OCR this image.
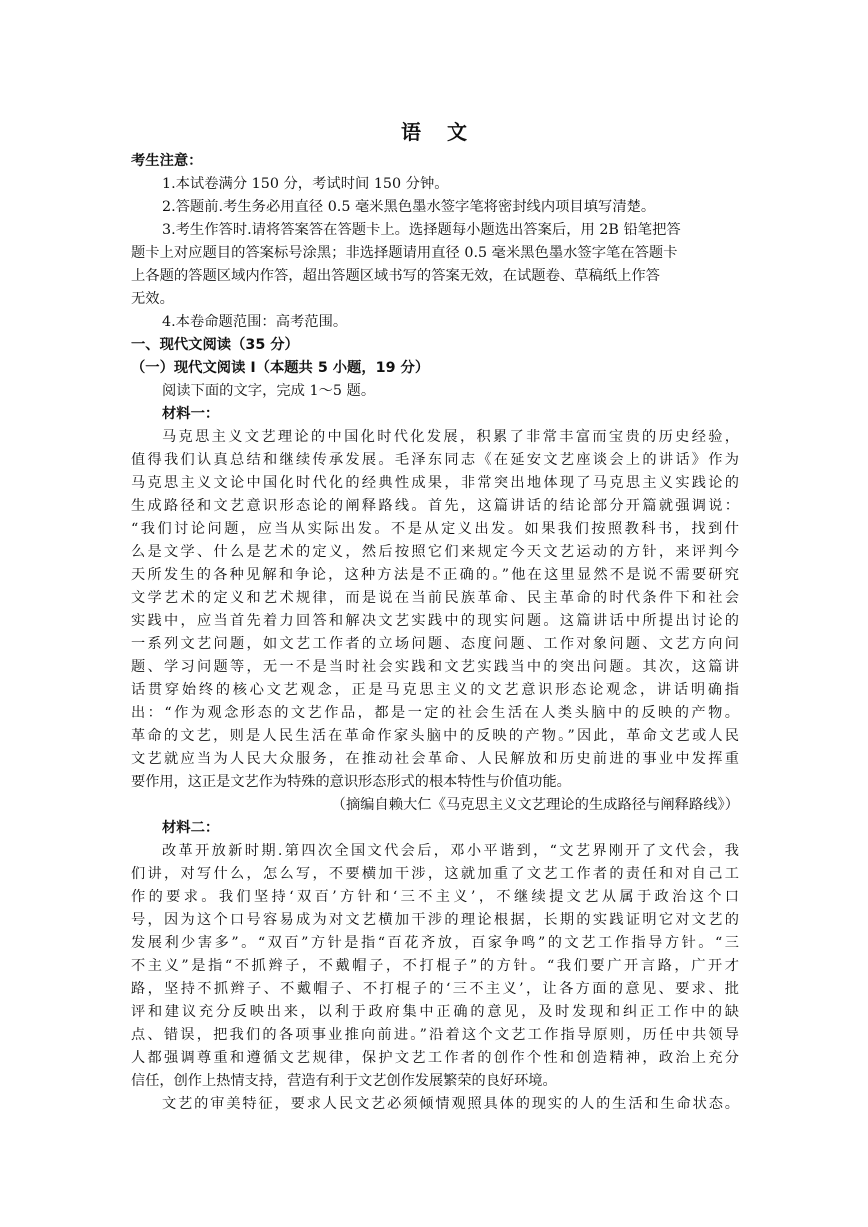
语文
考生注意：
1.本试卷满分 150 分，考试时间 150 分钟。
2.答题前.考生务必用直径 0.5 毫米黑色墨水签字笔将密封线内项目填写清楚。
3.考生作答时.请将答案答在答题卡上。选择题每小题选出答案后，用 2B 铅笔把答
题卡上对应题目的答案标号涂黑；非选择题请用直径 0.5 毫米黑色墨水签字笔在答题卡
上各题的答题区域内作答，超出答题区域书写的答案无效，在试题卷、草稿纸上作答
无效。
4.本卷命题范围：高考范围。
一、现代文阅读（35 分）
（一）现代文阅读 I（本题共 5 小题，19 分）
阅读下面的文字，完成 1～5 题。
材料一：
马克思主义文艺理论的中国化时代化发展，积累了非常丰富而宝贵的历史经验，
值得我们认真总结和继续传承发展。毛泽东同志《在延安文艺座谈会上的讲话》作为
马克思主义文论中国化时代化的经典性成果，非常突出地体现了马克思主义实践论的
生成路径和文艺意识形态论的阐释路线。首先，这篇讲话的结论部分开篇就强调说：
“我们讨论问题，应当从实际出发。不是从定义出发。如果我们按照教科书，找到什
么是文学、什么是艺术的定义，然后按照它们来规定今天文艺运动的方针，来评判今
天所发生的各种见解和争论，这种方法是不正确的。”他在这里显然不是说不需要研究
文学艺术的定义和艺术规律，而是说在当前民族革命、民主革命的时代条件下和社会
实践中，应当首先着力回答和解决文艺实践中的现实问题。这篇讲话中所提出讨论的
一系列文艺问题，如文艺工作者的立场问题、态度问题、工作对象问题、文艺方向问
题、学习问题等，无一不是当时社会实践和文艺实践当中的突出问题。其次，这篇讲
话贯穿始终的核心文艺观念，正是马克思主义的文艺意识形态论观念，讲话明确指
出：“作为观念形态的文艺作品，都是一定的社会生活在人类头脑中的反映的产物。
革命的文艺，则是人民生活在革命作家头脑中的反映的产物。”因此，革命文艺或人民
文艺就应当为人民大众服务，在推动社会革命、人民解放和历史前进的事业中发挥重
要作用，这正是文艺作为特殊的意识形态形式的根本特性与价值功能。
（摘编自赖大仁《马克思主义文艺理论的生成路径与阐释路线》）
材料二：
改革开放新时期.第四次全国文代会后，邓小平谐到，“文艺界刚开了文代会，我
们讲，对写什么，怎么写，不要横加干涉，这就加重了文艺工作者的责任和对自己工
作的要求。我们坚持‘双百’方针和‘三不主义’，不继续提文艺从属于政治这个口
号，因为这个口号容易成为对文艺横加干涉的理论根据，长期的实践证明它对文艺的
发展利少害多”。“双百”方针是指“百花齐放，百家争鸣”的文艺工作指导方针。“三
不主义”是指“不抓辫子，不戴帽子，不打棍子”的方针。“我们要广开言路，广开才
路，坚持不抓辫子、不戴帽子、不打棍子的‘三不主义’，让各方面的意见、要求、批
评和建议充分反映出来，以利于政府集中正确的意见，及时发现和纠正工作中的缺
点、错误，把我们的各项事业推向前进。”沿着这个文艺工作指导原则，历任中共领导
人都强调尊重和遵循文艺规律，保护文艺工作者的创作个性和创造精神，政治上充分
信任，创作上热情支持，营造有利于文艺创作发展繁荣的良好环境。
文艺的审美特征，要求人民文艺必须倾情观照具体的现实的人的生活和生命状态。
